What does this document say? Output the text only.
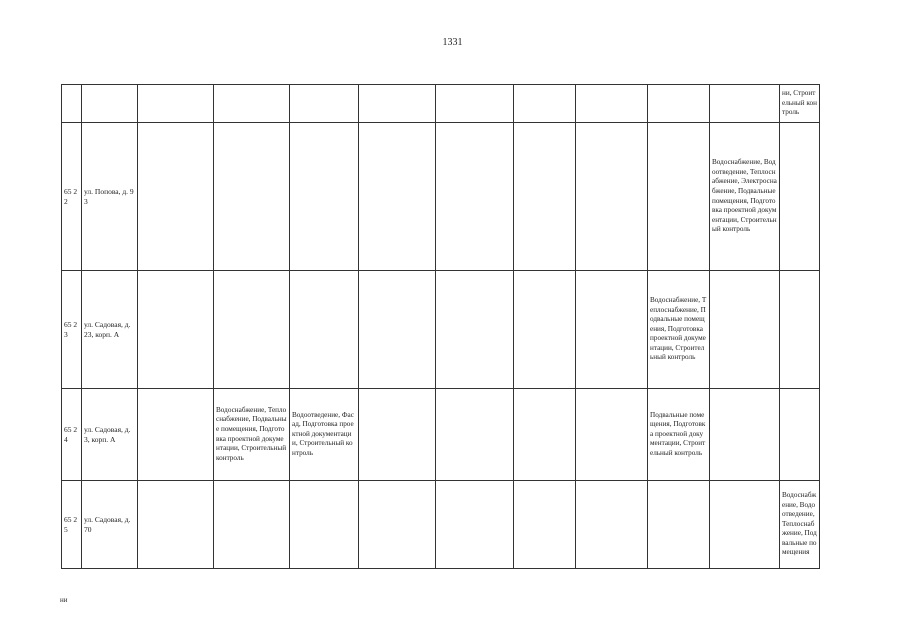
1331
											ни, Строительный контроль
65 22	ул. Попова, д. 93									Водоснабжение, Водоотведение, Теплоснабжение, Электроснабжение, Подвальные помещения, Подготовка проектной документации, Строительный контроль	
65 23	ул. Садовая, д. 23, корп. А								Водоснабжение, Теплоснабжение, Подвальные помещения, Подготовка проектной документации, Строительный контроль		
65 24	ул. Садовая, д. 3, корп. А		Водоснабжение, Теплоснабжение, Подвальные помещения, Подготовка проектной документации, Строительный контроль	Водоотведение, Фасад, Подготовка проектной документации, Строительный контроль					Подвальные помещения, Подготовка проектной документации, Строительный контроль		
65 25	ул. Садовая, д. 70										Водоснабжение, Водоотведение, Теплоснабжение, Подвальные помещения
ни
